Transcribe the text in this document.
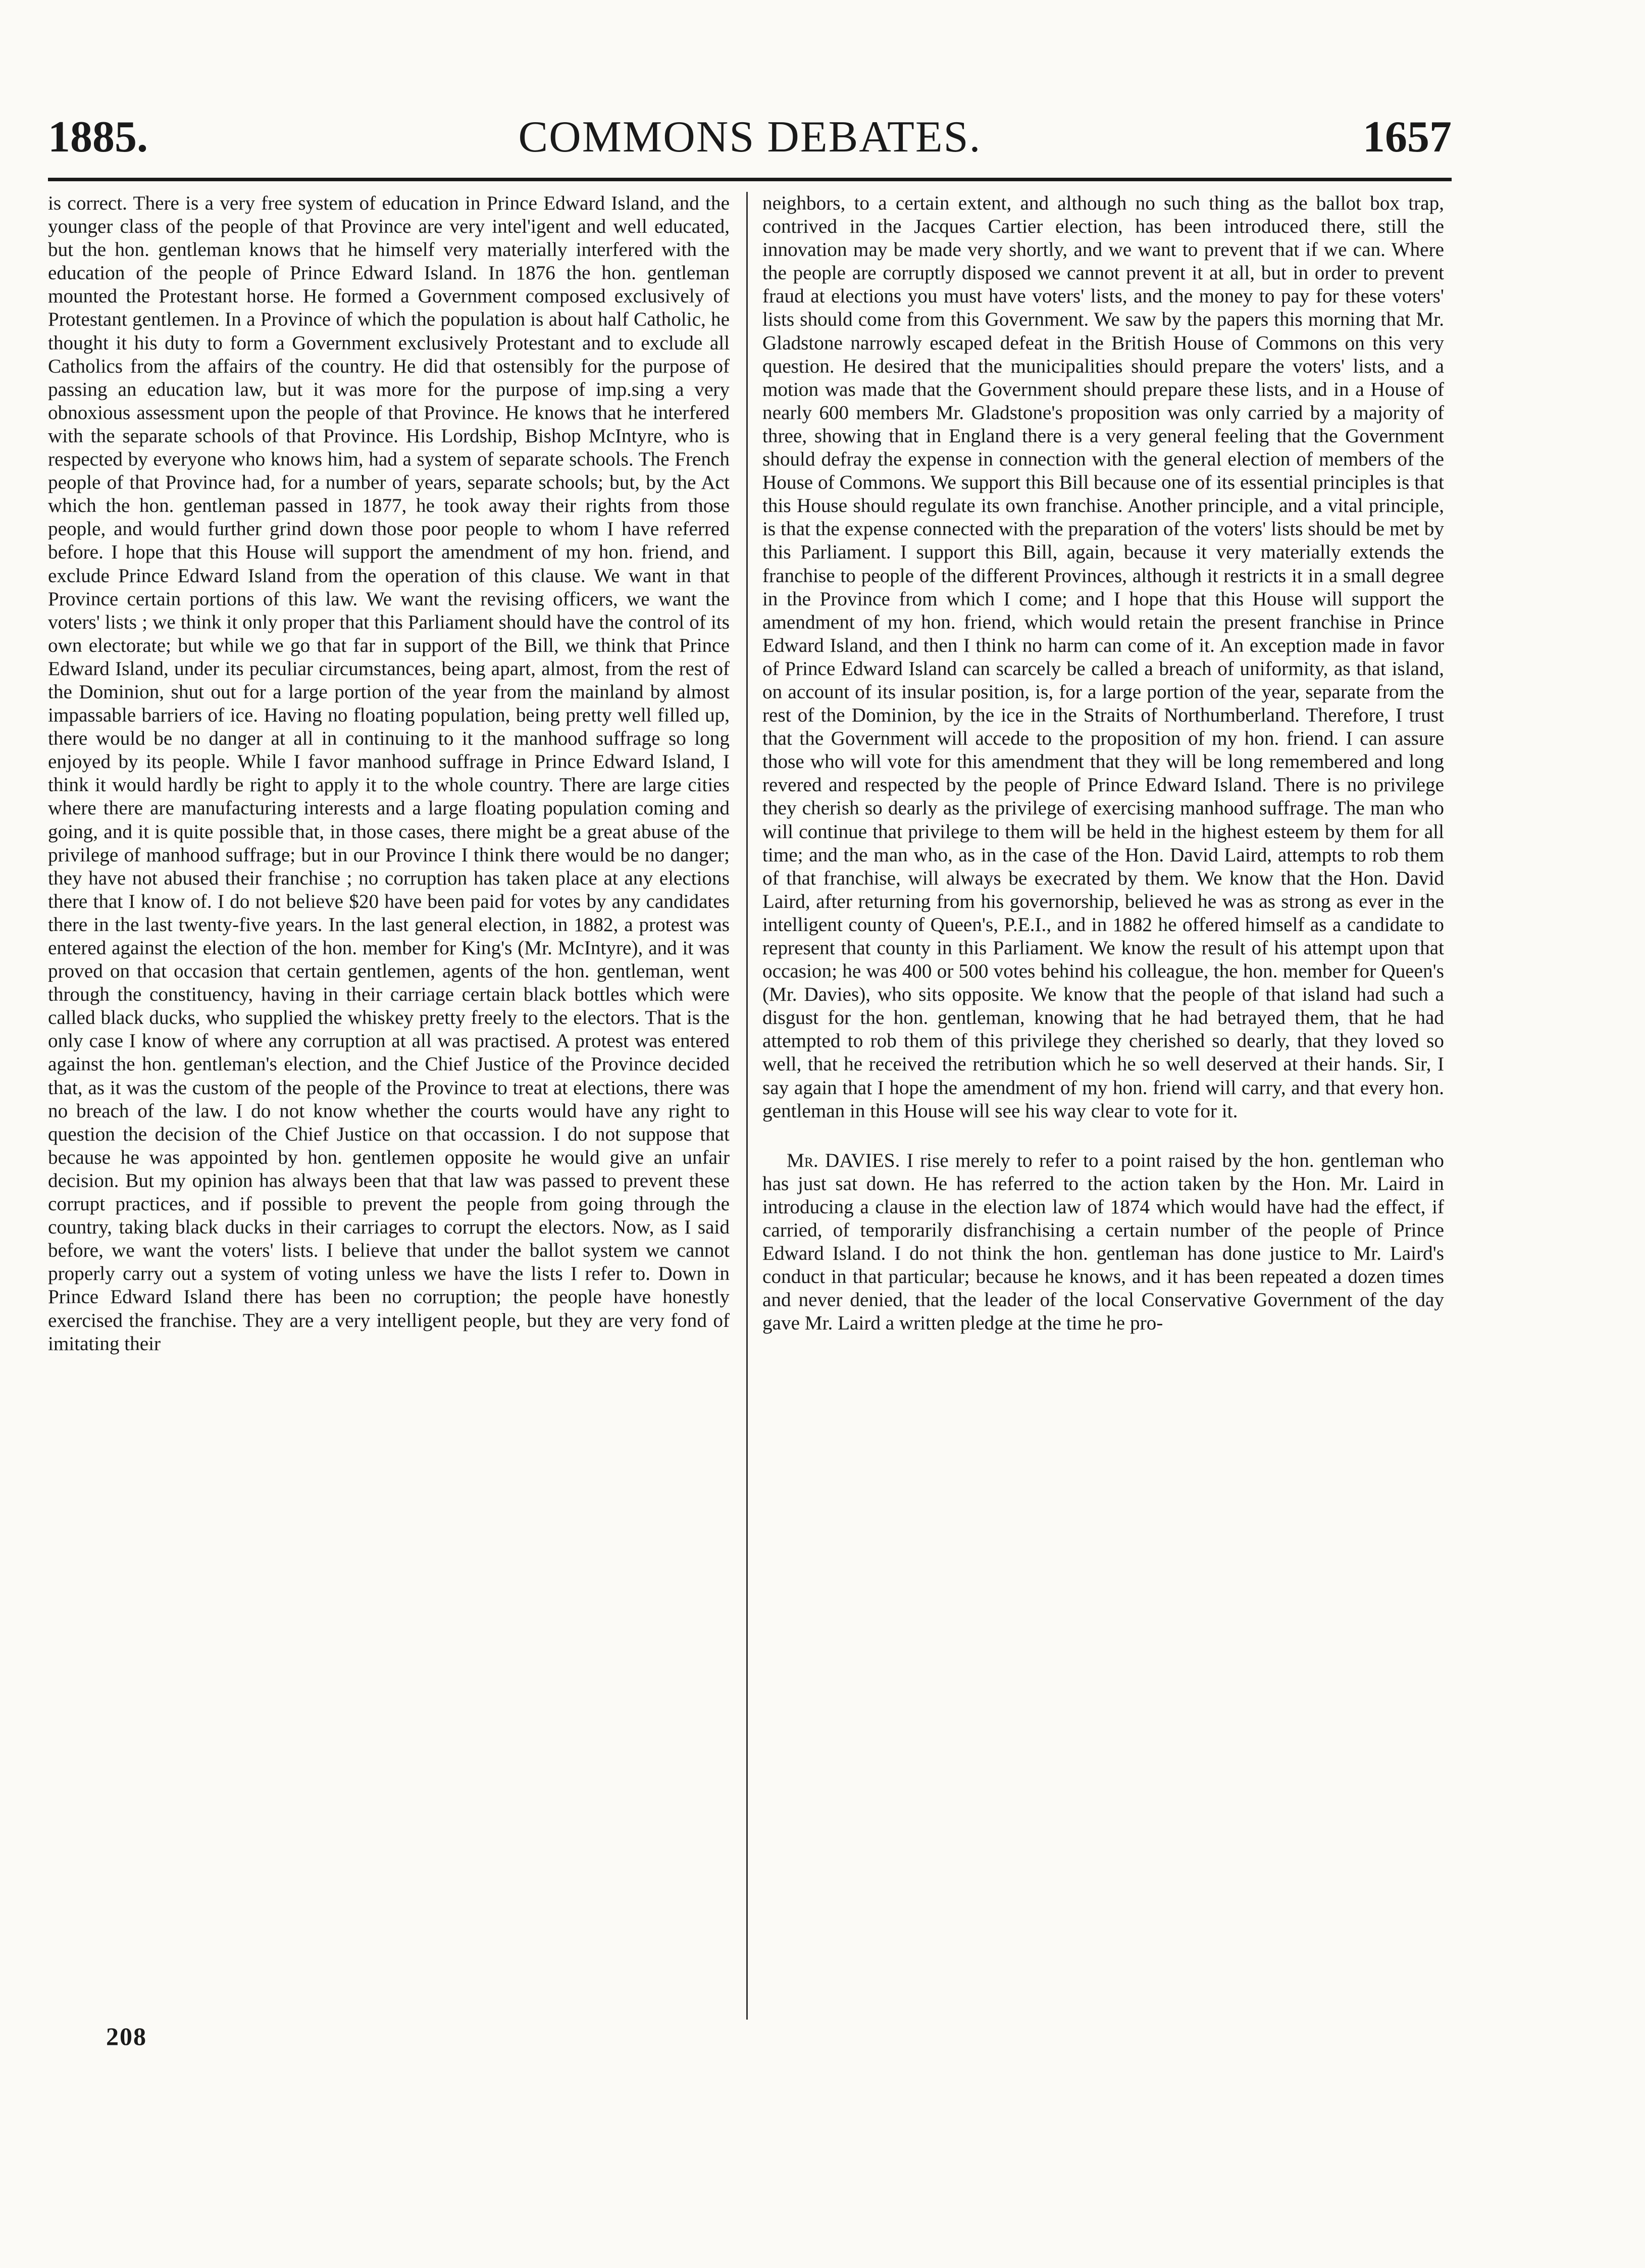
1885.	COMMONS DEBATES.	1657

is correct. There is a very free system of education in Prince Edward Island, and the younger class of the people of that Province are very intel'igent and well educated, but the hon. gentleman knows that he himself very materially interfered with the education of the people of Prince Edward Island. In 1876 the hon. gentleman mounted the Protestant horse. He formed a Government composed exclusively of Protestant gentlemen. In a Province of which the population is about half Catholic, he thought it his duty to form a Government exclusively Protestant and to exclude all Catholics from the affairs of the country. He did that ostensibly for the purpose of passing an education law, but it was more for the purpose of imp.sing a very obnoxious assessment upon the people of that Province. He knows that he interfered with the separate schools of that Province. His Lordship, Bishop McIntyre, who is respected by everyone who knows him, had a system of separate schools. The French people of that Province had, for a number of years, separate schools; but, by the Act which the hon. gentleman passed in 1877, he took away their rights from those people, and would further grind down those poor people to whom I have referred before. I hope that this House will support the amendment of my hon. friend, and exclude Prince Edward Island from the operation of this clause. We want in that Province certain portions of this law. We want the revising officers, we want the voters' lists ; we think it only proper that this Parliament should have the control of its own electorate; but while we go that far in support of the Bill, we think that Prince Edward Island, under its peculiar circumstances, being apart, almost, from the rest of the Dominion, shut out for a large portion of the year from the mainland by almost impassable barriers of ice. Having no floating population, being pretty well filled up, there would be no danger at all in continuing to it the manhood suffrage so long enjoyed by its people. While I favor manhood suffrage in Prince Edward Island, I think it would hardly be right to apply it to the whole country. There are large cities where there are manufacturing interests and a large floating population coming and going, and it is quite possible that, in those cases, there might be a great abuse of the privilege of manhood suffrage; but in our Province I think there would be no danger; they have not abused their franchise ; no corruption has taken place at any elections there that I know of. I do not believe $20 have been paid for votes by any candidates there in the last twenty-five years. In the last general election, in 1882, a protest was entered against the election of the hon. member for King's (Mr. McIntyre), and it was proved on that occasion that certain gentlemen, agents of the hon. gentleman, went through the constituency, having in their carriage certain black bottles which were called black ducks, who supplied the whiskey pretty freely to the electors. That is the only case I know of where any corruption at all was practised. A protest was entered against the hon. gentleman's election, and the Chief Justice of the Province decided that, as it was the custom of the people of the Province to treat at elections, there was no breach of the law. I do not know whether the courts would have any right to question the decision of the Chief Justice on that occassion. I do not suppose that because he was appointed by hon. gentlemen opposite he would give an unfair decision. But my opinion has always been that that law was passed to prevent these corrupt practices, and if possible to prevent the people from going through the country, taking black ducks in their carriages to corrupt the electors. Now, as I said before, we want the voters' lists. I believe that under the ballot system we cannot properly carry out a system of voting unless we have the lists I refer to. Down in Prince Edward Island there has been no corruption; the people have honestly exercised the franchise. They are a very intelligent people, but they are very fond of imitating their

neighbors, to a certain extent, and although no such thing as the ballot box trap, contrived in the Jacques Cartier election, has been introduced there, still the innovation may be made very shortly, and we want to prevent that if we can. Where the people are corruptly disposed we cannot prevent it at all, but in order to prevent fraud at elections you must have voters' lists, and the money to pay for these voters' lists should come from this Government. We saw by the papers this morning that Mr. Gladstone narrowly escaped defeat in the British House of Commons on this very question. He desired that the municipalities should prepare the voters' lists, and a motion was made that the Government should prepare these lists, and in a House of nearly 600 members Mr. Gladstone's proposition was only carried by a majority of three, showing that in England there is a very general feeling that the Government should defray the expense in connection with the general election of members of the House of Commons. We support this Bill because one of its essential principles is that this House should regulate its own franchise. Another principle, and a vital principle, is that the expense connected with the preparation of the voters' lists should be met by this Parliament. I support this Bill, again, because it very materially extends the franchise to people of the different Provinces, although it restricts it in a small degree in the Province from which I come; and I hope that this House will support the amendment of my hon. friend, which would retain the present franchise in Prince Edward Island, and then I think no harm can come of it. An exception made in favor of Prince Edward Island can scarcely be called a breach of uniformity, as that island, on account of its insular position, is, for a large portion of the year, separate from the rest of the Dominion, by the ice in the Straits of Northumberland. Therefore, I trust that the Government will accede to the proposition of my hon. friend. I can assure those who will vote for this amendment that they will be long remembered and long revered and respected by the people of Prince Edward Island. There is no privilege they cherish so dearly as the privilege of exercising manhood suffrage. The man who will continue that privilege to them will be held in the highest esteem by them for all time; and the man who, as in the case of the Hon. David Laird, attempts to rob them of that franchise, will always be execrated by them. We know that the Hon. David Laird, after returning from his governorship, believed he was as strong as ever in the intelligent county of Queen's, P.E.I., and in 1882 he offered himself as a candidate to represent that county in this Parliament. We know the result of his attempt upon that occasion; he was 400 or 500 votes behind his colleague, the hon. member for Queen's (Mr. Davies), who sits opposite. We know that the people of that island had such a disgust for the hon. gentleman, knowing that he had betrayed them, that he had attempted to rob them of this privilege they cherished so dearly, that they loved so well, that he received the retribution which he so well deserved at their hands. Sir, I say again that I hope the amendment of my hon. friend will carry, and that every hon. gentleman in this House will see his way clear to vote for it.

Mr. DAVIES. I rise merely to refer to a point raised by the hon. gentleman who has just sat down. He has referred to the action taken by the Hon. Mr. Laird in introducing a clause in the election law of 1874 which would have had the effect, if carried, of temporarily disfranchising a certain number of the people of Prince Edward Island. I do not think the hon. gentleman has done justice to Mr. Laird's conduct in that particular; because he knows, and it has been repeated a dozen times and never denied, that the leader of the local Conservative Government of the day gave Mr. Laird a written pledge at the time he pro-

208
